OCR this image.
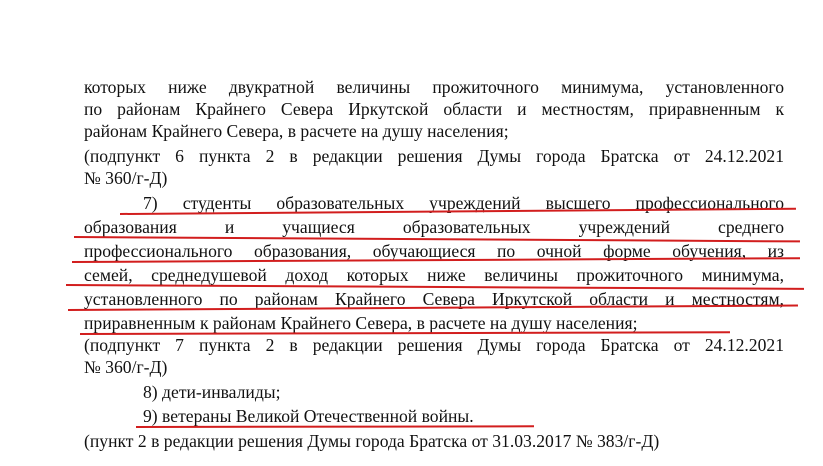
которых ниже двукратной величины прожиточного минимума, установленного
по районам Крайнего Севера Иркутской области и местностям, приравненным к
районам Крайнего Севера, в расчете на душу населения;
(подпункт 6 пункта 2 в редакции решения Думы города Братска от 24.12.2021
№ 360/г-Д)
7) студенты образовательных учреждений высшего профессионального
образования и учащиеся образовательных учреждений среднего
профессионального образования, обучающиеся по очной форме обучения, из
семей, среднедушевой доход которых ниже величины прожиточного минимума,
установленного по районам Крайнего Севера Иркутской области и местностям,
приравненным к районам Крайнего Севера, в расчете на душу населения;
(подпункт 7 пункта 2 в редакции решения Думы города Братска от 24.12.2021
№ 360/г-Д)
8) дети-инвалиды;
9) ветераны Великой Отечественной войны.
(пункт 2 в редакции решения Думы города Братска от 31.03.2017 № 383/г-Д)
